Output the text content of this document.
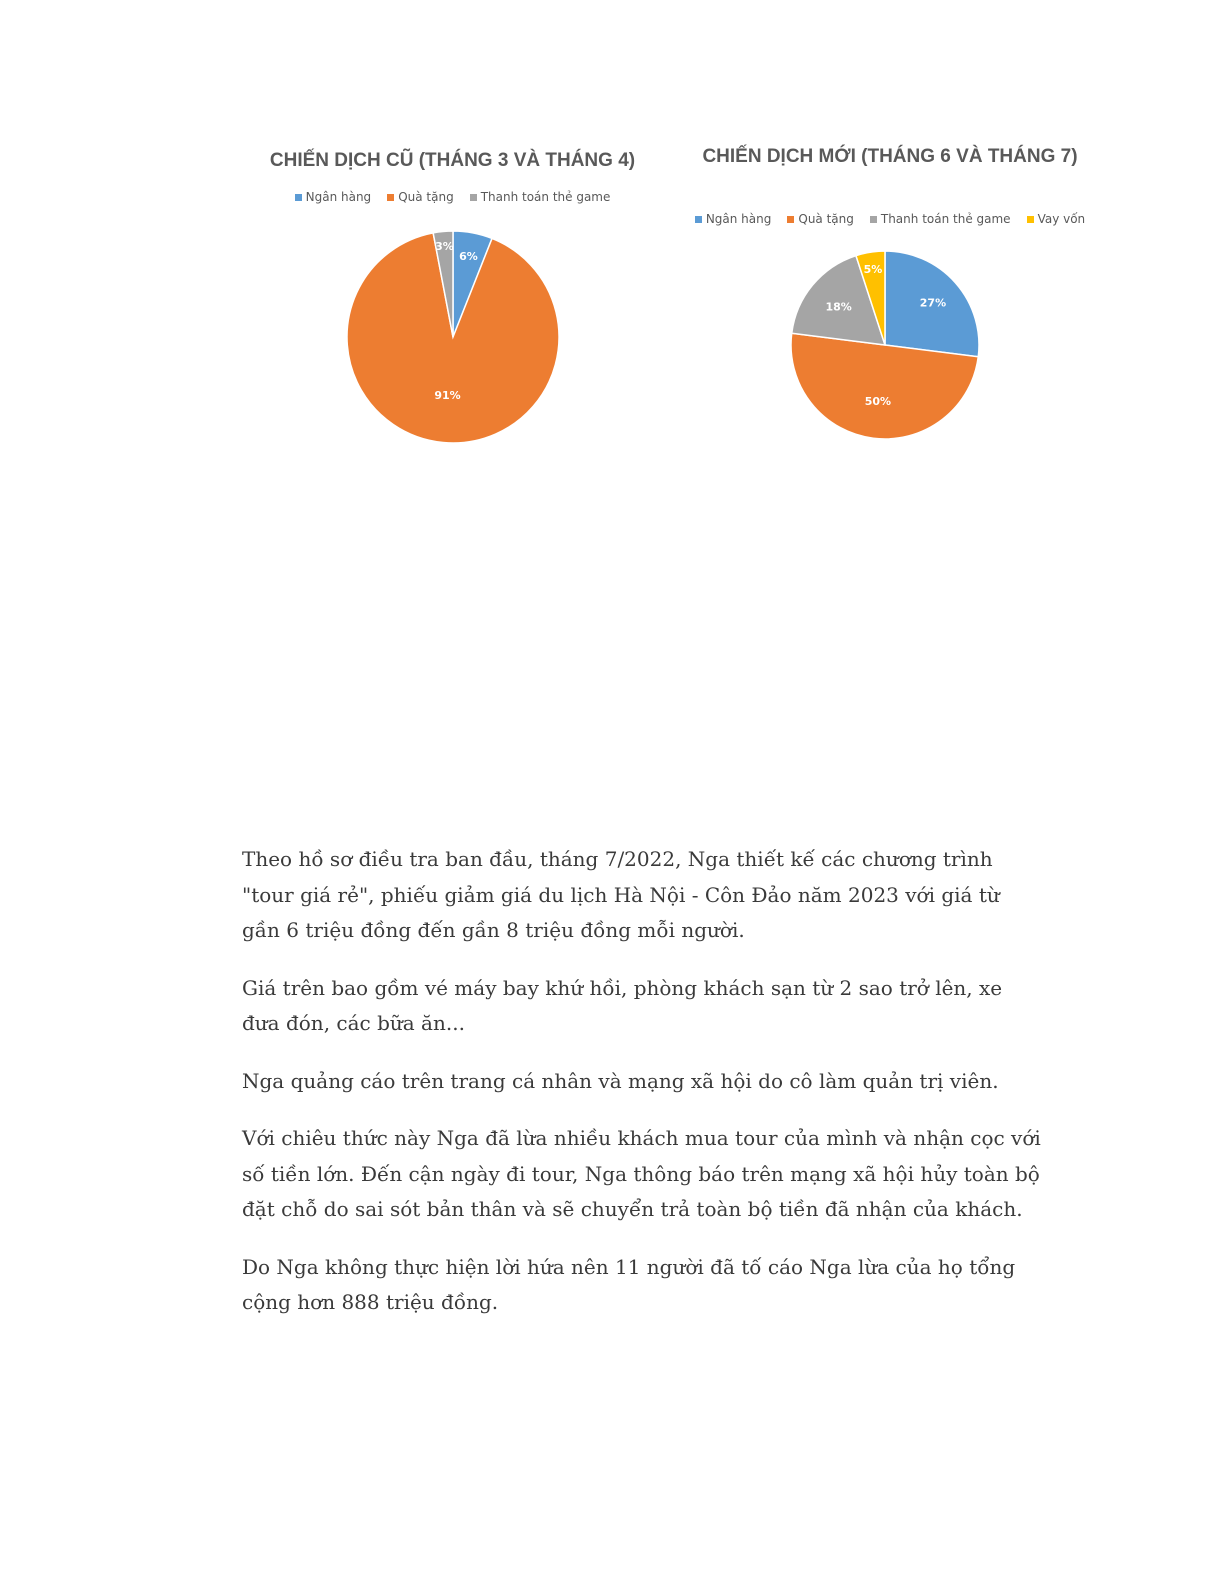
CHIẾN DỊCH CŨ (THÁNG 3 VÀ THÁNG 4)
Ngân hàng Quà tặng Thanh toán thẻ game
6%
91%
3%
CHIẾN DỊCH MỚI (THÁNG 6 VÀ THÁNG 7)
Ngân hàng Quà tặng Thanh toán thẻ game Vay vốn
27%
50%
18%
5%

Theo hồ sơ điều tra ban đầu, tháng 7/2022, Nga thiết kế các chương trình "tour giá rẻ", phiếu giảm giá du lịch Hà Nội - Côn Đảo năm 2023 với giá từ gần 6 triệu đồng đến gần 8 triệu đồng mỗi người.

Giá trên bao gồm vé máy bay khứ hồi, phòng khách sạn từ 2 sao trở lên, xe đưa đón, các bữa ăn...

Nga quảng cáo trên trang cá nhân và mạng xã hội do cô làm quản trị viên.

Với chiêu thức này Nga đã lừa nhiều khách mua tour của mình và nhận cọc với số tiền lớn. Đến cận ngày đi tour, Nga thông báo trên mạng xã hội hủy toàn bộ đặt chỗ do sai sót bản thân và sẽ chuyển trả toàn bộ tiền đã nhận của khách.

Do Nga không thực hiện lời hứa nên 11 người đã tố cáo Nga lừa của họ tổng cộng hơn 888 triệu đồng.
